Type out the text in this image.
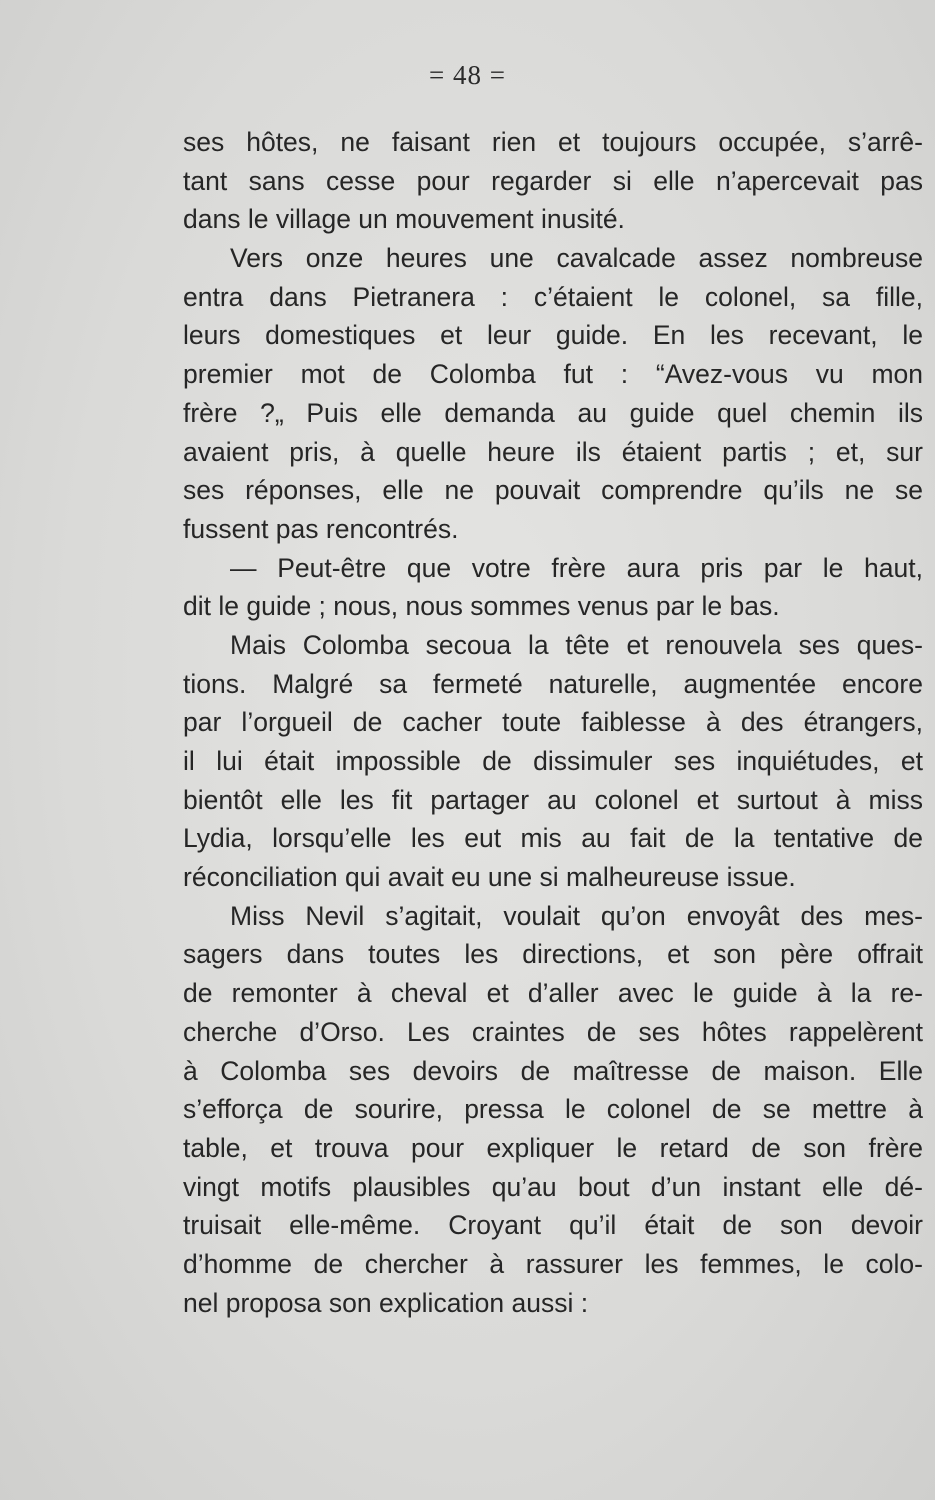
= 48 =
ses hôtes, ne faisant rien et toujours occupée, s’arrê-
tant sans cesse pour regarder si elle n’apercevait pas
dans le village un mouvement inusité.
Vers onze heures une cavalcade assez nombreuse
entra dans Pietranera : c’étaient le colonel, sa fille,
leurs domestiques et leur guide. En les recevant, le
premier mot de Colomba fut : “Avez-vous vu mon
frère ?„ Puis elle demanda au guide quel chemin ils
avaient pris, à quelle heure ils étaient partis ; et, sur
ses réponses, elle ne pouvait comprendre qu’ils ne se
fussent pas rencontrés.
— Peut-être que votre frère aura pris par le haut,
dit le guide ; nous, nous sommes venus par le bas.
Mais Colomba secoua la tête et renouvela ses ques-
tions. Malgré sa fermeté naturelle, augmentée encore
par l’orgueil de cacher toute faiblesse à des étrangers,
il lui était impossible de dissimuler ses inquiétudes, et
bientôt elle les fit partager au colonel et surtout à miss
Lydia, lorsqu’elle les eut mis au fait de la tentative de
réconciliation qui avait eu une si malheureuse issue.
Miss Nevil s’agitait, voulait qu’on envoyât des mes-
sagers dans toutes les directions, et son père offrait
de remonter à cheval et d’aller avec le guide à la re-
cherche d’Orso. Les craintes de ses hôtes rappelèrent
à Colomba ses devoirs de maîtresse de maison. Elle
s’efforça de sourire, pressa le colonel de se mettre à
table, et trouva pour expliquer le retard de son frère
vingt motifs plausibles qu’au bout d’un instant elle dé-
truisait elle-même. Croyant qu’il était de son devoir
d’homme de chercher à rassurer les femmes, le colo-
nel proposa son explication aussi :
